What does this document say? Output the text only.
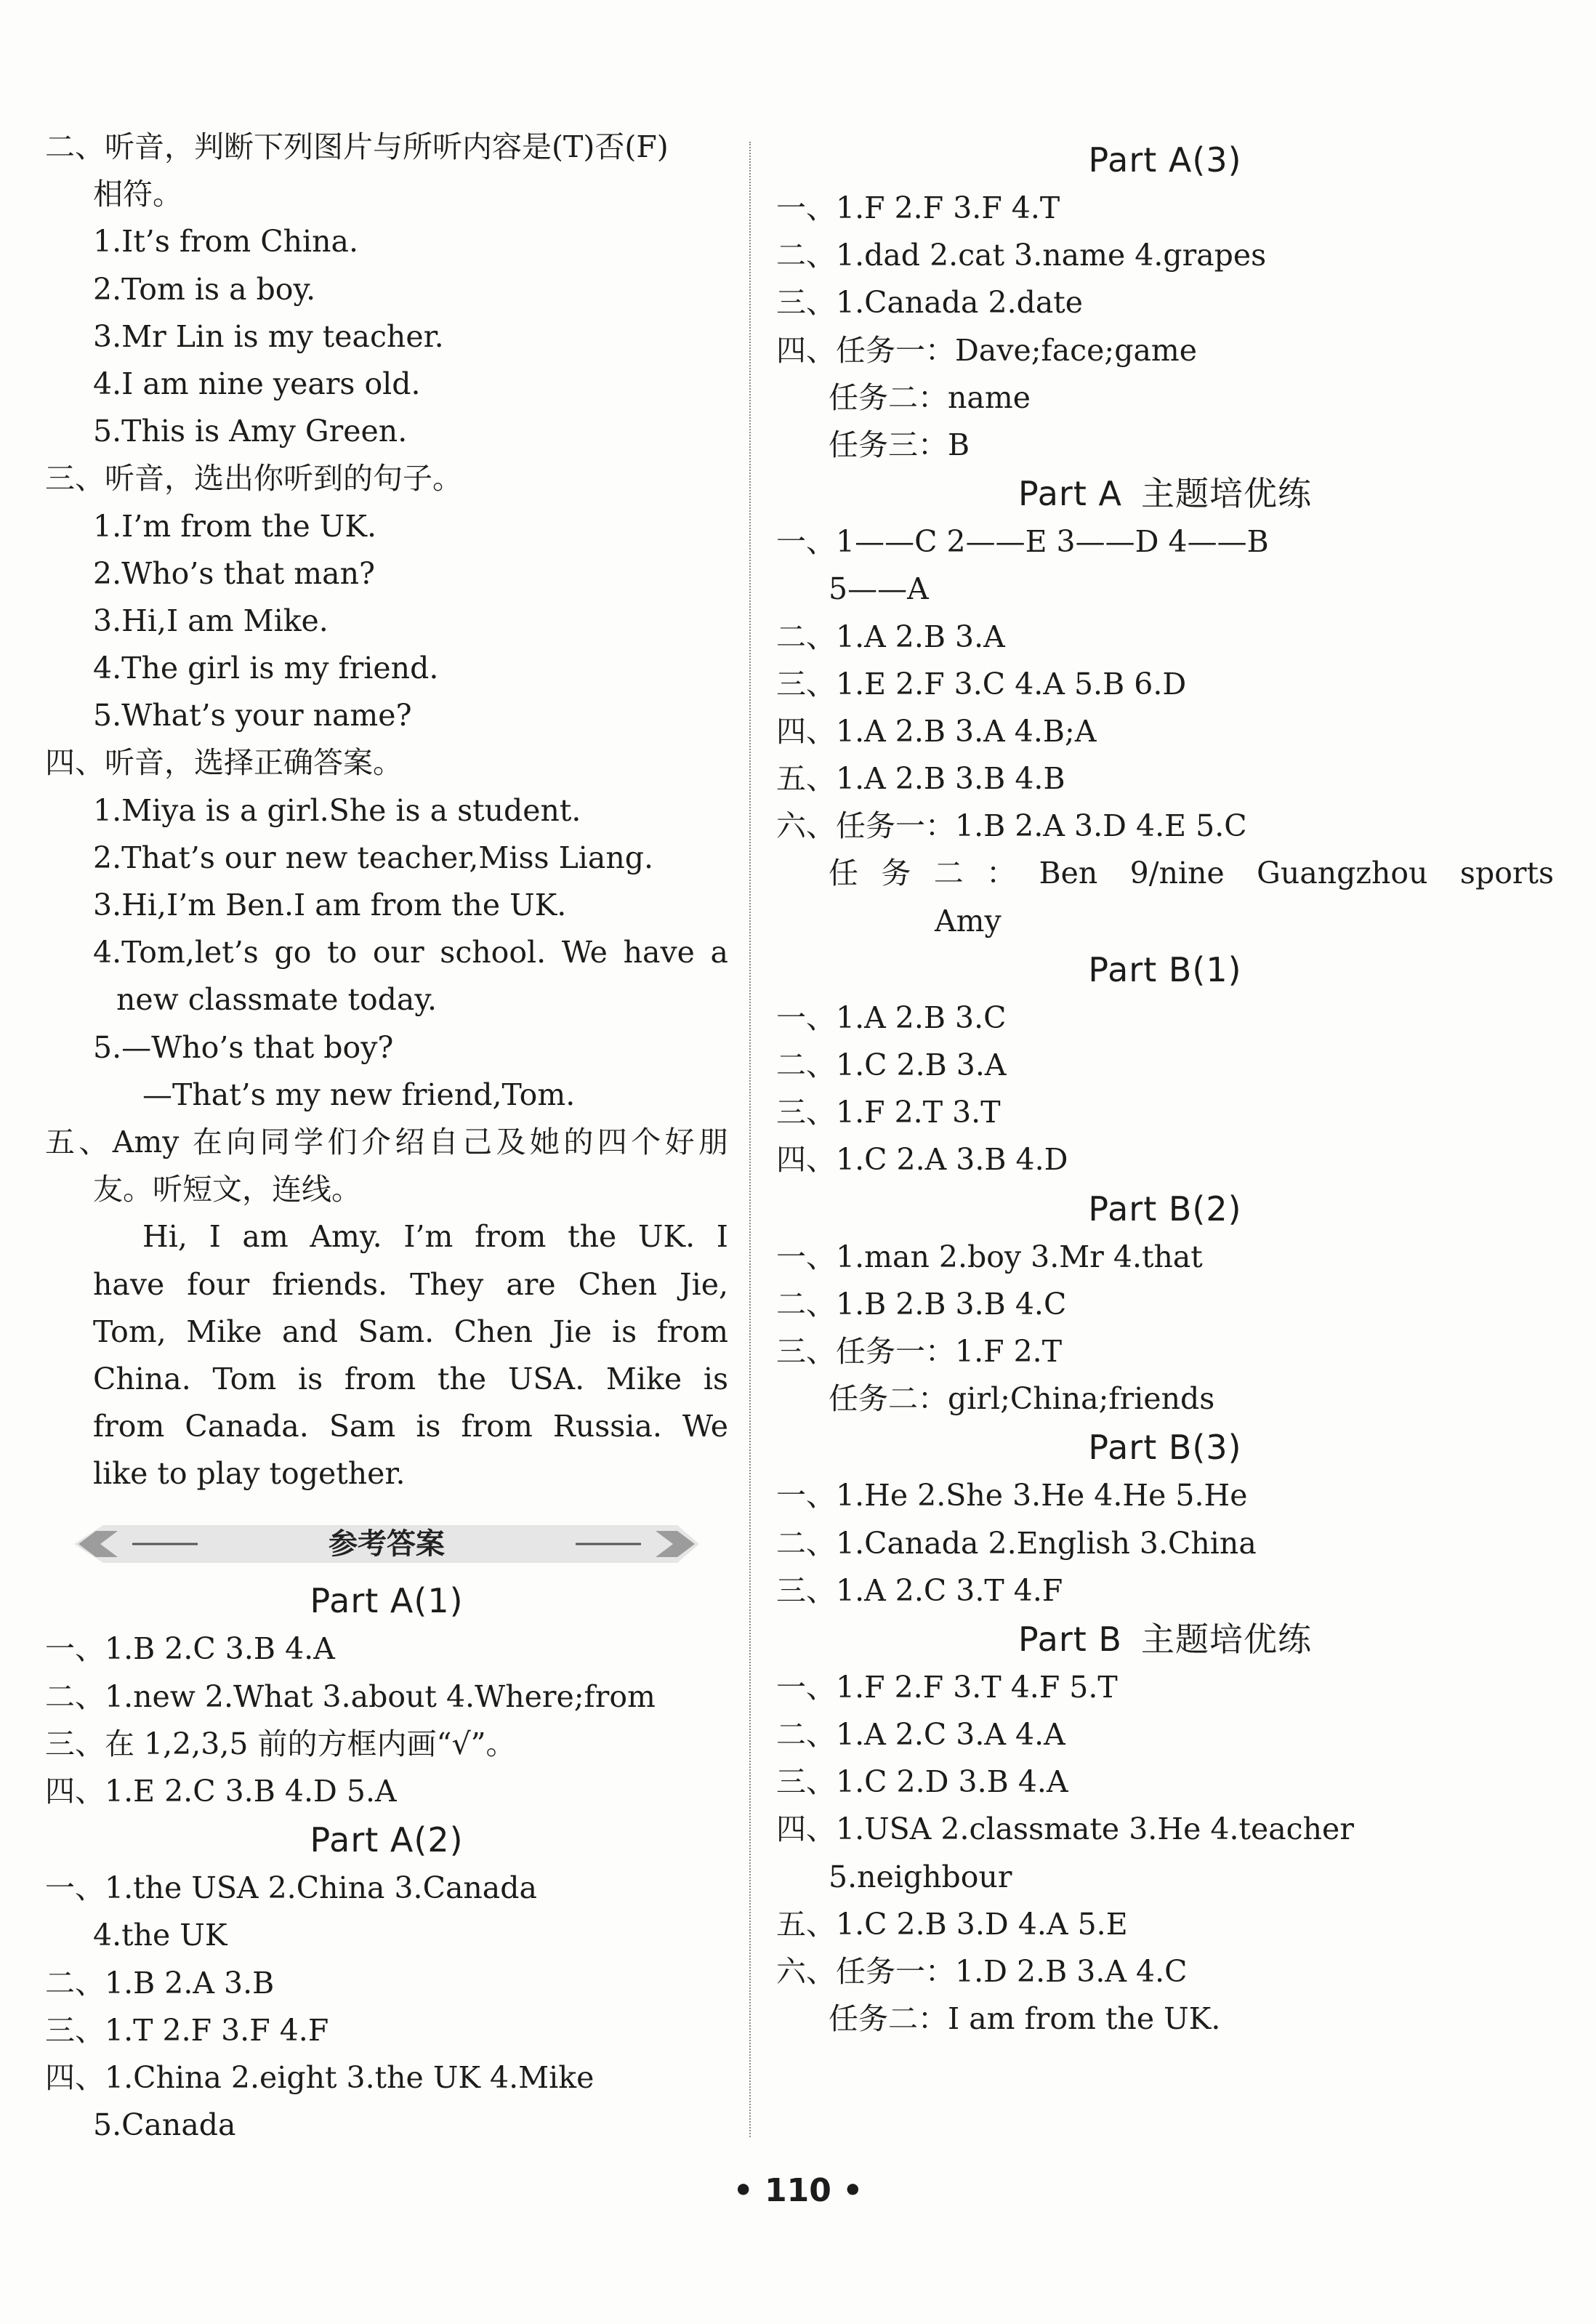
二、听音，判断下列图片与所听内容是(T)否(F)
相符。
1.It’s from China.
2.Tom is a boy.
3.Mr Lin is my teacher.
4.I am nine years old.
5.This is Amy Green.
三、听音，选出你听到的句子。
1.I’m from the UK.
2.Who’s that man?
3.Hi,I am Mike.
4.The girl is my friend.
5.What’s your name?
四、听音，选择正确答案。
1.Miya is a girl.She is a student.
2.That’s our new teacher,Miss Liang.
3.Hi,I’m Ben.I am from the UK.
4.Tom,let’s go to our school. We have a
new classmate today.
5.—Who’s that boy?
—That’s my new friend,Tom.
五、Amy 在向同学们介绍自己及她的四个好朋
友。听短文，连线。
Hi, I am Amy. I’m from the UK. I
have four friends. They are Chen Jie,
Tom, Mike and Sam. Chen Jie is from
China. Tom is from the USA. Mike is
from Canada. Sam is from Russia. We
like to play together.
参考答案
Part A(1)
一、1.B 2.C 3.B 4.A
二、1.new 2.What 3.about 4.Where;from
三、在 1,2,3,5 前的方框内画“√”。
四、1.E 2.C 3.B 4.D 5.A
Part A(2)
一、1.the USA 2.China 3.Canada
4.the UK
二、1.B 2.A 3.B
三、1.T 2.F 3.F 4.F
四、1.China 2.eight 3.the UK 4.Mike
5.Canada
Part A(3)
一、1.F 2.F 3.F 4.T
二、1.dad 2.cat 3.name 4.grapes
三、1.Canada 2.date
四、任务一：Dave;face;game
任务二：name
任务三：B
Part A 主题培优练
一、1——C 2——E 3——D 4——B
5——A
二、1.A 2.B 3.A
三、1.E 2.F 3.C 4.A 5.B 6.D
四、1.A 2.B 3.A 4.B;A
五、1.A 2.B 3.B 4.B
六、任务一：1.B 2.A 3.D 4.E 5.C
任务二：Ben 9/nine Guangzhou sports
Amy
Part B(1)
一、1.A 2.B 3.C
二、1.C 2.B 3.A
三、1.F 2.T 3.T
四、1.C 2.A 3.B 4.D
Part B(2)
一、1.man 2.boy 3.Mr 4.that
二、1.B 2.B 3.B 4.C
三、任务一：1.F 2.T
任务二：girl;China;friends
Part B(3)
一、1.He 2.She 3.He 4.He 5.He
二、1.Canada 2.English 3.China
三、1.A 2.C 3.T 4.F
Part B 主题培优练
一、1.F 2.F 3.T 4.F 5.T
二、1.A 2.C 3.A 4.A
三、1.C 2.D 3.B 4.A
四、1.USA 2.classmate 3.He 4.teacher
5.neighbour
五、1.C 2.B 3.D 4.A 5.E
六、任务一：1.D 2.B 3.A 4.C
任务二：I am from the UK.
• 110 •
